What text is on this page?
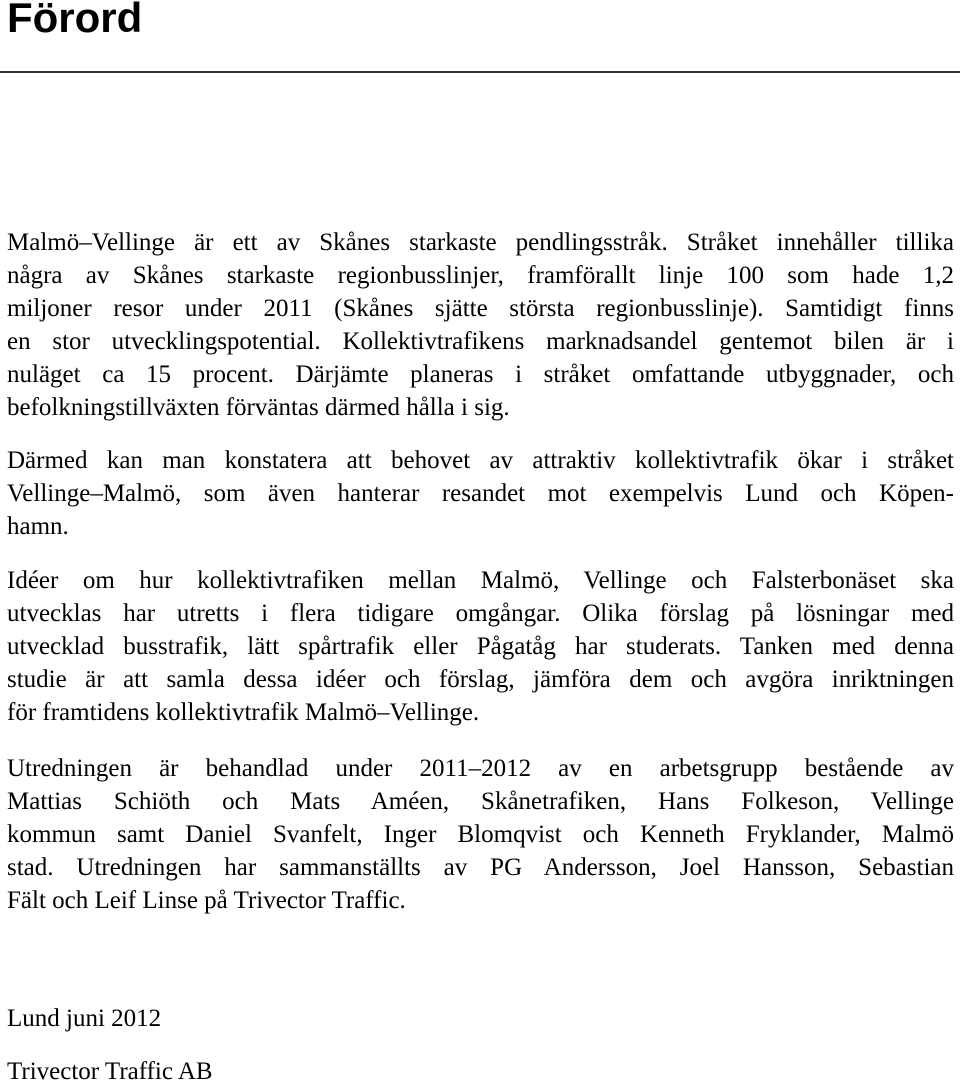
Förord
Malmö–Vellinge är ett av Skånes starkaste pendlingsstråk. Stråket innehåller tillika
några av Skånes starkaste regionbusslinjer, framförallt linje 100 som hade 1,2
miljoner resor under 2011 (Skånes sjätte största regionbusslinje). Samtidigt finns
en stor utvecklingspotential. Kollektivtrafikens marknadsandel gentemot bilen är i
nuläget ca 15 procent. Därjämte planeras i stråket omfattande utbyggnader, och
befolkningstillväxten förväntas därmed hålla i sig.
Därmed kan man konstatera att behovet av attraktiv kollektivtrafik ökar i stråket
Vellinge–Malmö, som även hanterar resandet mot exempelvis Lund och Köpen-
hamn.
Idéer om hur kollektivtrafiken mellan Malmö, Vellinge och Falsterbonäset ska
utvecklas har utretts i flera tidigare omgångar. Olika förslag på lösningar med
utvecklad busstrafik, lätt spårtrafik eller Pågatåg har studerats. Tanken med denna
studie är att samla dessa idéer och förslag, jämföra dem och avgöra inriktningen
för framtidens kollektivtrafik Malmö–Vellinge.
Utredningen är behandlad under 2011–2012 av en arbetsgrupp bestående av
Mattias Schiöth och Mats Améen, Skånetrafiken, Hans Folkeson, Vellinge
kommun samt Daniel Svanfelt, Inger Blomqvist och Kenneth Fryklander, Malmö
stad. Utredningen har sammanställts av PG Andersson, Joel Hansson, Sebastian
Fält och Leif Linse på Trivector Traffic.
Lund juni 2012
Trivector Traffic AB
